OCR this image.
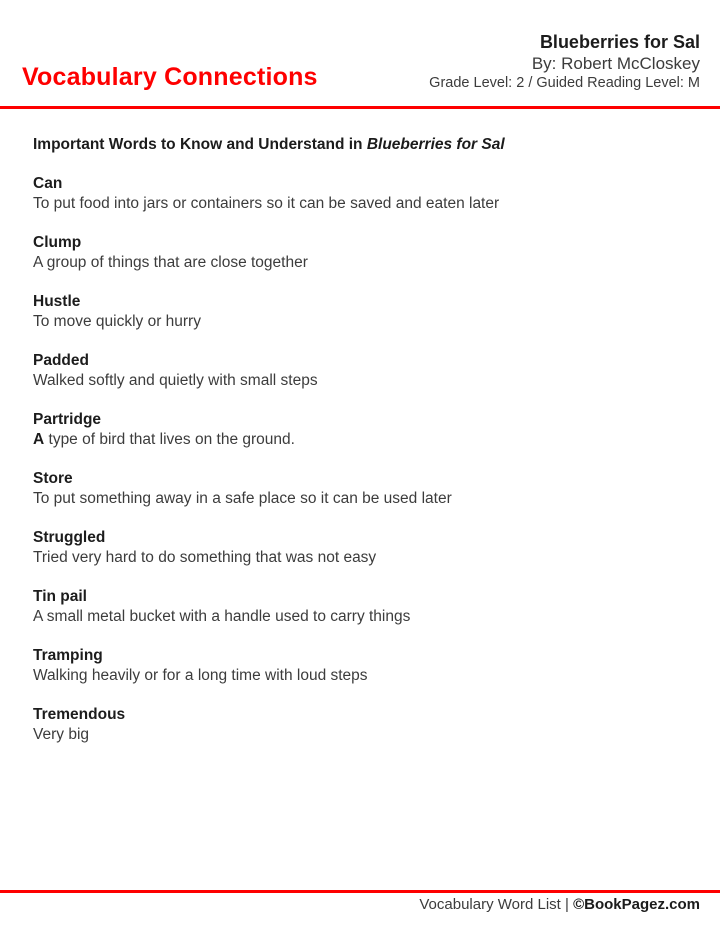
Vocabulary Connections
Blueberries for Sal
By: Robert McCloskey
Grade Level: 2 / Guided Reading Level: M
Important Words to Know and Understand in Blueberries for Sal
Can
To put food into jars or containers so it can be saved and eaten later
Clump
A group of things that are close together
Hustle
To move quickly or hurry
Padded
Walked softly and quietly with small steps
Partridge
A type of bird that lives on the ground.
Store
To put something away in a safe place so it can be used later
Struggled
Tried very hard to do something that was not easy
Tin pail
A small metal bucket with a handle used to carry things
Tramping
Walking heavily or for a long time with loud steps
Tremendous
Very big
Vocabulary Word List | ©BookPagez.com
